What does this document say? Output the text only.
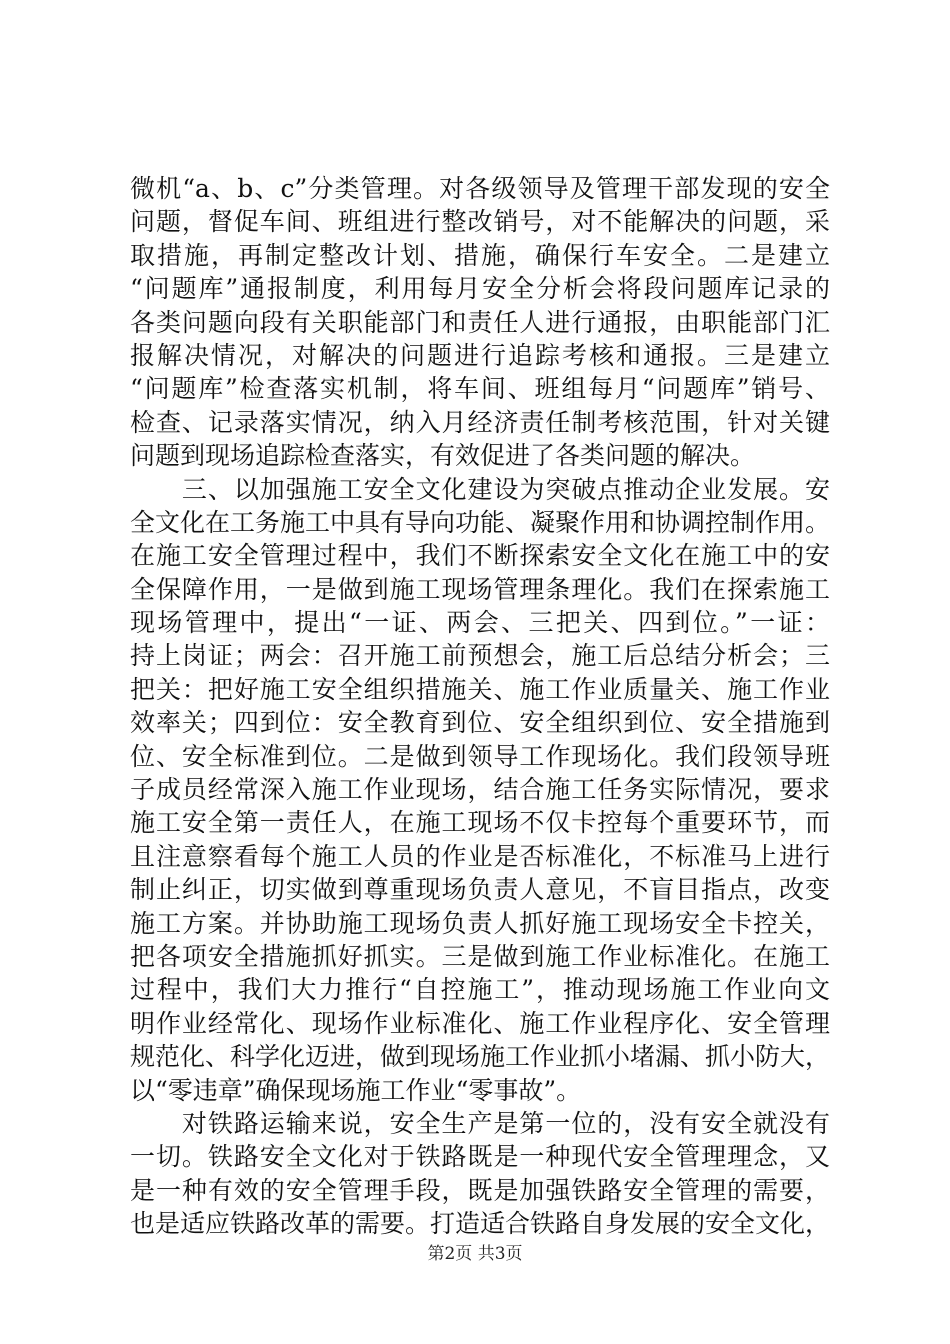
微机“a、b、c”分类管理。对各级领导及管理干部发现的安全
问题，督促车间、班组进行整改销号，对不能解决的问题，采
取措施，再制定整改计划、措施，确保行车安全。二是建立
“问题库”通报制度，利用每月安全分析会将段问题库记录的
各类问题向段有关职能部门和责任人进行通报，由职能部门汇
报解决情况，对解决的问题进行追踪考核和通报。三是建立
“问题库”检查落实机制，将车间、班组每月“问题库”销号、
检查、记录落实情况，纳入月经济责任制考核范围，针对关键
问题到现场追踪检查落实，有效促进了各类问题的解决。
　　三、以加强施工安全文化建设为突破点推动企业发展。安
全文化在工务施工中具有导向功能、凝聚作用和协调控制作用。
在施工安全管理过程中，我们不断探索安全文化在施工中的安
全保障作用，一是做到施工现场管理条理化。我们在探索施工
现场管理中，提出“一证、两会、三把关、四到位。”一证：
持上岗证；两会：召开施工前预想会，施工后总结分析会；三
把关：把好施工安全组织措施关、施工作业质量关、施工作业
效率关；四到位：安全教育到位、安全组织到位、安全措施到
位、安全标准到位。二是做到领导工作现场化。我们段领导班
子成员经常深入施工作业现场，结合施工任务实际情况，要求
施工安全第一责任人，在施工现场不仅卡控每个重要环节，而
且注意察看每个施工人员的作业是否标准化，不标准马上进行
制止纠正，切实做到尊重现场负责人意见，不盲目指点，改变
施工方案。并协助施工现场负责人抓好施工现场安全卡控关，
把各项安全措施抓好抓实。三是做到施工作业标准化。在施工
过程中，我们大力推行“自控施工”，推动现场施工作业向文
明作业经常化、现场作业标准化、施工作业程序化、安全管理
规范化、科学化迈进，做到现场施工作业抓小堵漏、抓小防大，
以“零违章”确保现场施工作业“零事故”。
　　对铁路运输来说，安全生产是第一位的，没有安全就没有
一切。铁路安全文化对于铁路既是一种现代安全管理理念，又
是一种有效的安全管理手段，既是加强铁路安全管理的需要，
也是适应铁路改革的需要。打造适合铁路自身发展的安全文化，
第2页 共3页
